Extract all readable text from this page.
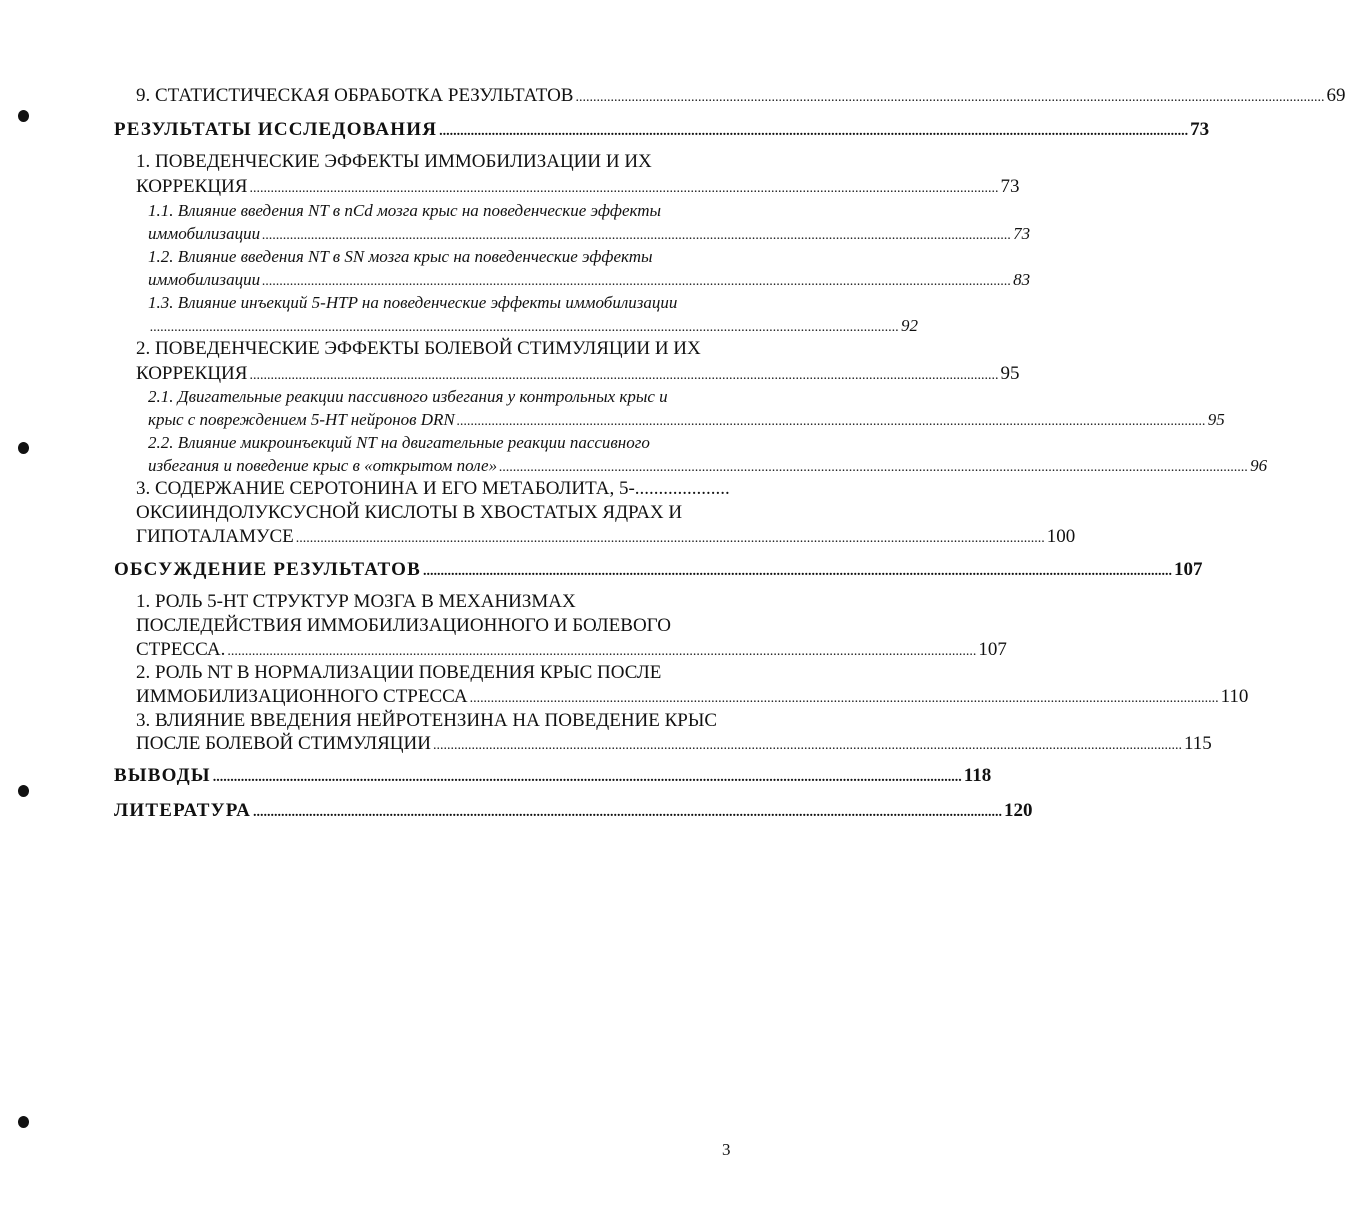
9. СТАТИСТИЧЕСКАЯ ОБРАБОТКА РЕЗУЛЬТАТОВ ...................................................................................................................................................................................................................... 69
РЕЗУЛЬТАТЫ ИССЛЕДОВАНИЯ ...................................................................................................................................................................................................................... 73
1. ПОВЕДЕНЧЕСКИЕ ЭФФЕКТЫ ИММОБИЛИЗАЦИИ И ИХ
КОРРЕКЦИЯ ...................................................................................................................................................................................................................... 73
1.1. Влияние введения NT в nCd мозга крыс на поведенческие эффекты
иммобилизации ...................................................................................................................................................................................................................... 73
1.2. Влияние введения NT в SN мозга крыс на поведенческие эффекты
иммобилизации ...................................................................................................................................................................................................................... 83
1.3. Влияние инъекций 5-HTP на поведенческие эффекты иммобилизации
...................................................................................................................................................................................................................... 92
2. ПОВЕДЕНЧЕСКИЕ ЭФФЕКТЫ БОЛЕВОЙ СТИМУЛЯЦИИ И ИХ
КОРРЕКЦИЯ ...................................................................................................................................................................................................................... 95
2.1. Двигательные реакции пассивного избегания у контрольных крыс и
крыс с повреждением 5-HT нейронов DRN ...................................................................................................................................................................................................................... 95
2.2. Влияние микроинъекций NT на двигательные реакции пассивного
избегания и поведение крыс в «открытом поле» ...................................................................................................................................................................................................................... 96
3. СОДЕРЖАНИЕ СЕРОТОНИНА И ЕГО МЕТАБОЛИТА, 5-....................
ОКСИИНДОЛУКСУСНОЙ КИСЛОТЫ В ХВОСТАТЫХ ЯДРАХ И
ГИПОТАЛАМУСЕ ...................................................................................................................................................................................................................... 100
ОБСУЖДЕНИЕ РЕЗУЛЬТАТОВ ...................................................................................................................................................................................................................... 107
1. РОЛЬ 5-HT СТРУКТУР МОЗГА В МЕХАНИЗМАХ
ПОСЛЕДЕЙСТВИЯ ИММОБИЛИЗАЦИОННОГО И БОЛЕВОГО
СТРЕССА. ...................................................................................................................................................................................................................... 107
2. РОЛЬ NT В НОРМАЛИЗАЦИИ ПОВЕДЕНИЯ КРЫС ПОСЛЕ
ИММОБИЛИЗАЦИОННОГО СТРЕССА ...................................................................................................................................................................................................................... 110
3. ВЛИЯНИЕ ВВЕДЕНИЯ НЕЙРОТЕНЗИНА НА ПОВЕДЕНИЕ КРЫС
ПОСЛЕ БОЛЕВОЙ СТИМУЛЯЦИИ ...................................................................................................................................................................................................................... 115
ВЫВОДЫ ...................................................................................................................................................................................................................... 118
ЛИТЕРАТУРА ...................................................................................................................................................................................................................... 120
3
